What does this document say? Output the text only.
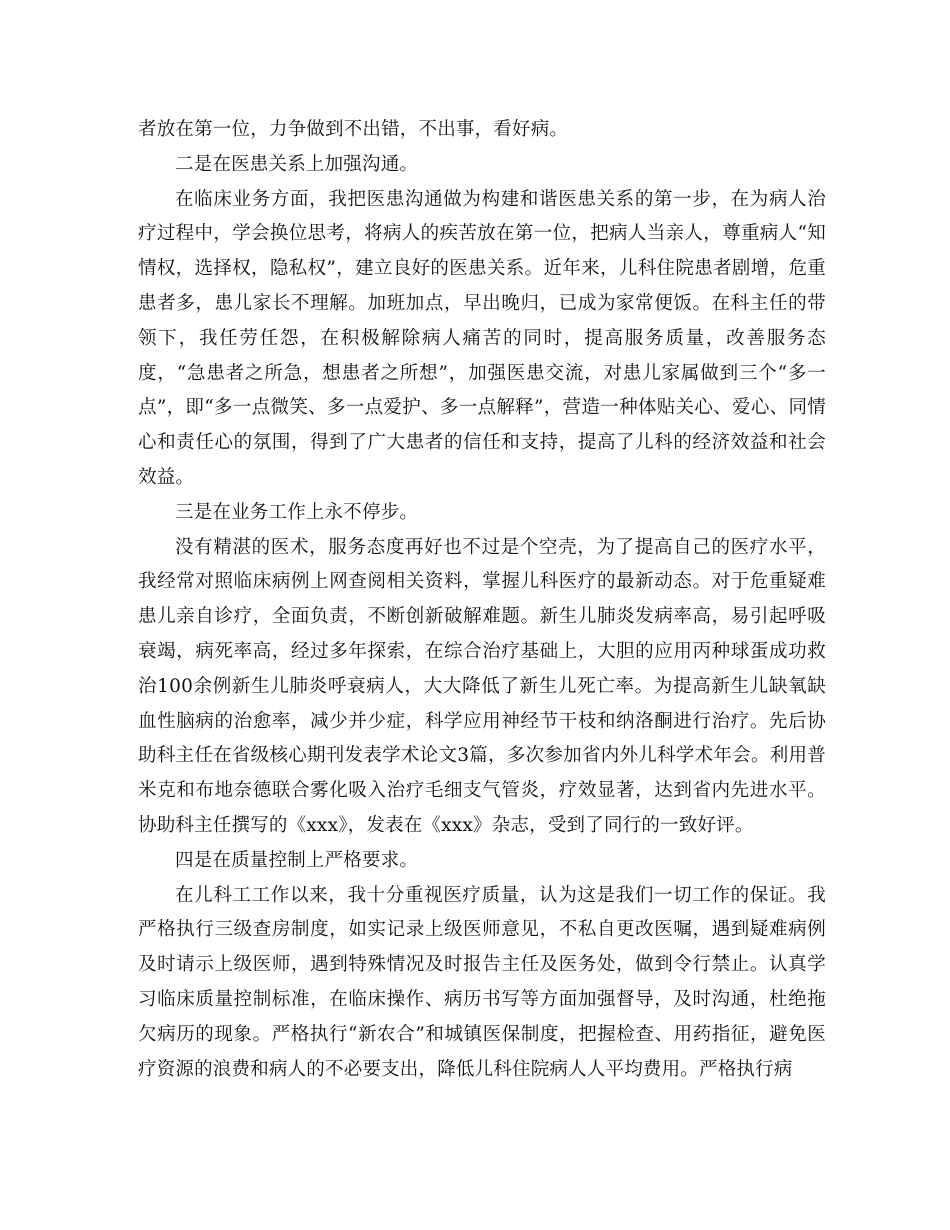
者放在第一位，力争做到不出错，不出事，看好病。

二是在医患关系上加强沟通。

在临床业务方面，我把医患沟通做为构建和谐医患关系的第一步，在为病人治疗过程中，学会换位思考，将病人的疾苦放在第一位，把病人当亲人，尊重病人“知情权，选择权，隐私权”，建立良好的医患关系。近年来，儿科住院患者剧增，危重患者多，患儿家长不理解。加班加点，早出晚归，已成为家常便饭。在科主任的带领下，我任劳任怨，在积极解除病人痛苦的同时，提高服务质量，改善服务态度，“急患者之所急，想患者之所想”，加强医患交流，对患儿家属做到三个“多一点”，即“多一点微笑、多一点爱护、多一点解释”，营造一种体贴关心、爱心、同情心和责任心的氛围，得到了广大患者的信任和支持，提高了儿科的经济效益和社会效益。

三是在业务工作上永不停步。

没有精湛的医术，服务态度再好也不过是个空壳，为了提高自己的医疗水平，我经常对照临床病例上网查阅相关资料，掌握儿科医疗的最新动态。对于危重疑难患儿亲自诊疗，全面负责，不断创新破解难题。新生儿肺炎发病率高，易引起呼吸衰竭，病死率高，经过多年探索，在综合治疗基础上，大胆的应用丙种球蛋成功救治100余例新生儿肺炎呼衰病人，大大降低了新生儿死亡率。为提高新生儿缺氧缺血性脑病的治愈率，减少并少症，科学应用神经节干枝和纳洛酮进行治疗。先后协助科主任在省级核心期刊发表学术论文3篇，多次参加省内外儿科学术年会。利用普米克和布地奈德联合雾化吸入治疗毛细支气管炎，疗效显著，达到省内先进水平。协助科主任撰写的《xxx》，发表在《xxx》杂志，受到了同行的一致好评。

四是在质量控制上严格要求。

在儿科工工作以来，我十分重视医疗质量，认为这是我们一切工作的保证。我严格执行三级查房制度，如实记录上级医师意见，不私自更改医嘱，遇到疑难病例及时请示上级医师，遇到特殊情况及时报告主任及医务处，做到令行禁止。认真学习临床质量控制标准，在临床操作、病历书写等方面加强督导，及时沟通，杜绝拖欠病历的现象。严格执行“新农合”和城镇医保制度，把握检查、用药指征，避免医疗资源的浪费和病人的不必要支出，降低儿科住院病人人平均费用。严格执行病
